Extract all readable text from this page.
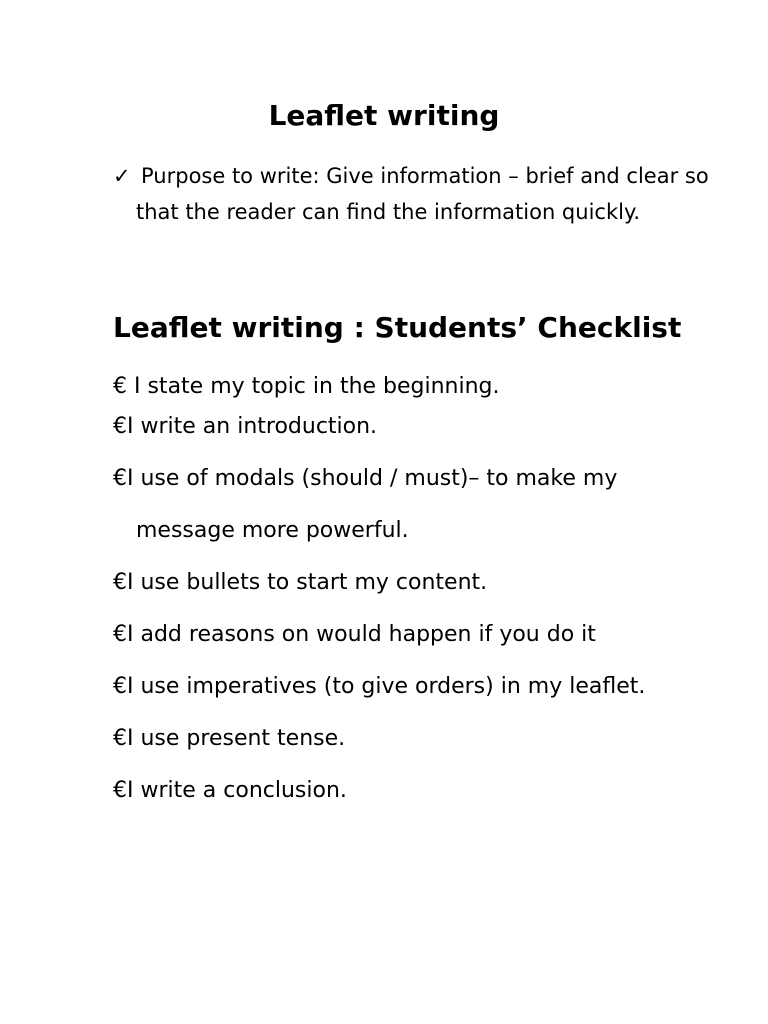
Leaflet writing
✓ Purpose to write: Give information – brief and clear so
that the reader can find the information quickly.
Leaflet writing : Students’ Checklist
€ I state my topic in the beginning.
€I write an introduction.
€I use of modals (should / must)– to make my
message more powerful.
€I use bullets to start my content.
€I add reasons on would happen if you do it
€I use imperatives (to give orders) in my leaflet.
€I use present tense.
€I write a conclusion.
